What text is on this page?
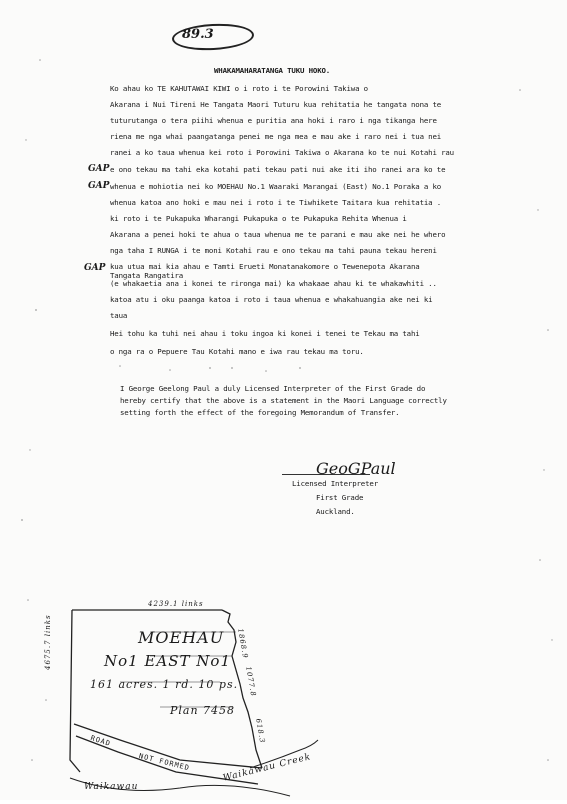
89.3
WHAKAMAHARATANGA TUKU HOKO.
Ko ahau ko TE KAHUTAWAI KIWI o i roto i te Porowini Takiwa o
Akarana i Nui Tireni He Tangata Maori Tuturu kua rehitatia he tangata nona te
tuturutanga o tera piihi whenua e puritia ana hoki i raro i nga tikanga here
riena me nga whai paangatanga penei me nga mea e mau ake i raro nei i tua nei
ranei a ko taua whenua kei roto i Porowini Takiwa o Akarana ko te nui Kotahi rau
e ono tekau ma tahi eka kotahi pati tekau pati nui ake iti iho ranei ara ko te
whenua e mohiotia nei ko MOEHAU No.1 Waaraki Marangai (East) No.1 Poraka a ko
whenua katoa ano hoki e mau nei i roto i te Tiwhikete Taitara kua rehitatia .
ki roto i te Pukapuka Wharangi Pukapuka o te Pukapuka Rehita Whenua i
Akarana a penei hoki te ahua o taua whenua me te parani e mau ake nei he whero
nga taha I RUNGA i te moni Kotahi rau e ono tekau ma tahi pauna tekau hereni
kua utua mai kia ahau e Tamti Erueti Monatanakomore o Tewenepota Akarana
Tangata Rangatira
(e whakaetia ana i konei te rironga mai) ka whakaae ahau ki te whakawhiti ..
katoa atu i oku paanga katoa i roto i taua whenua e whakahuangia ake nei ki
taua
Hei tohu ka tuhi nei ahau i toku ingoa ki konei i tenei te Tekau ma tahi
o nga ra o Pepuere Tau Kotahi mano e iwa rau tekau ma toru.
GAP
GAP
GAP
I George Geelong Paul a duly Licensed Interpreter of the First Grade do
hereby certify that the above is a statement in the Maori Language correctly
setting forth the effect of the foregoing Memorandum of Transfer.
GeoGPaul
Licensed Interpreter
First Grade
Auckland.
MOEHAU
No1 EAST No1
161 acres. 1 rd. 10 ps.
Plan 7458
4239.1 links
4675.7 links	1868.9
1077.8
618.3
ROAD
NOT FORMED
Waikawau
Waikawau Creek
